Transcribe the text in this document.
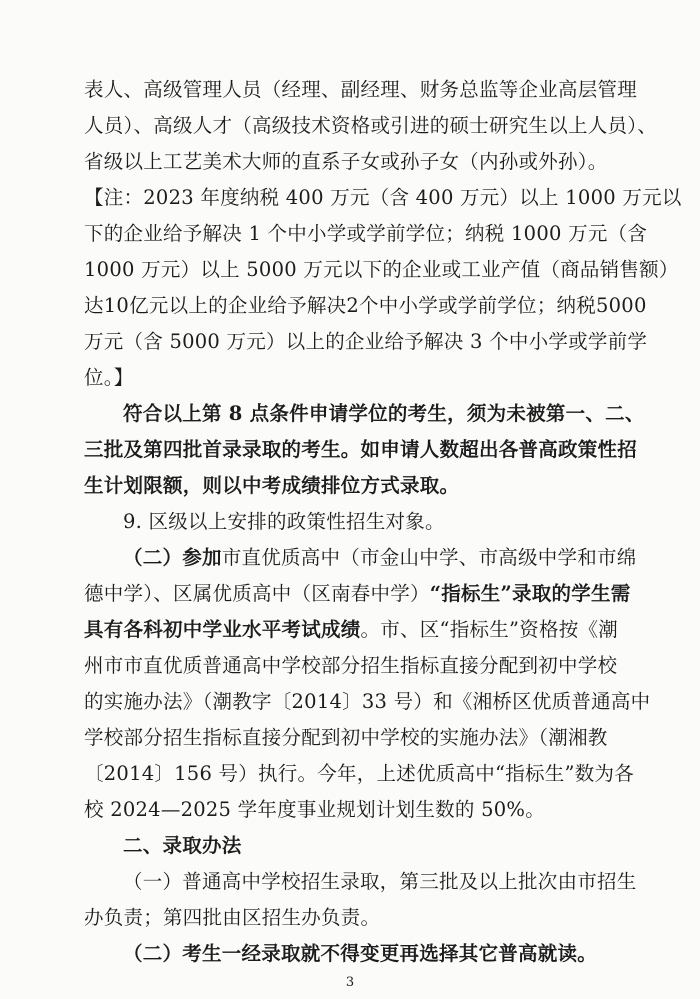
表人、高级管理人员（经理、副经理、财务总监等企业高层管理
人员）、高级人才（高级技术资格或引进的硕士研究生以上人员）、
省级以上工艺美术大师的直系子女或孙子女（内孙或外孙）。
【注：2023 年度纳税 400 万元（含 400 万元）以上 1000 万元以
下的企业给予解决 1 个中小学或学前学位；纳税 1000 万元（含
1000 万元）以上 5000 万元以下的企业或工业产值（商品销售额）
达10亿元以上的企业给予解决2个中小学或学前学位；纳税5000
万元（含 5000 万元）以上的企业给予解决 3 个中小学或学前学
位。】
符合以上第 8 点条件申请学位的考生，须为未被第一、二、
三批及第四批首录录取的考生。如申请人数超出各普高政策性招
生计划限额，则以中考成绩排位方式录取。
9. 区级以上安排的政策性招生对象。
（二）参加市直优质高中（市金山中学、市高级中学和市绵
德中学）、区属优质高中（区南春中学）“指标生”录取的学生需
具有各科初中学业水平考试成绩。市、区“指标生”资格按《潮
州市市直优质普通高中学校部分招生指标直接分配到初中学校
的实施办法》（潮教字〔2014〕33 号）和《湘桥区优质普通高中
学校部分招生指标直接分配到初中学校的实施办法》（潮湘教
〔2014〕156 号）执行。今年，上述优质高中“指标生”数为各
校 2024—2025 学年度事业规划计划生数的 50%。
二、录取办法
（一）普通高中学校招生录取，第三批及以上批次由市招生
办负责；第四批由区招生办负责。
（二）考生一经录取就不得变更再选择其它普高就读。
3
